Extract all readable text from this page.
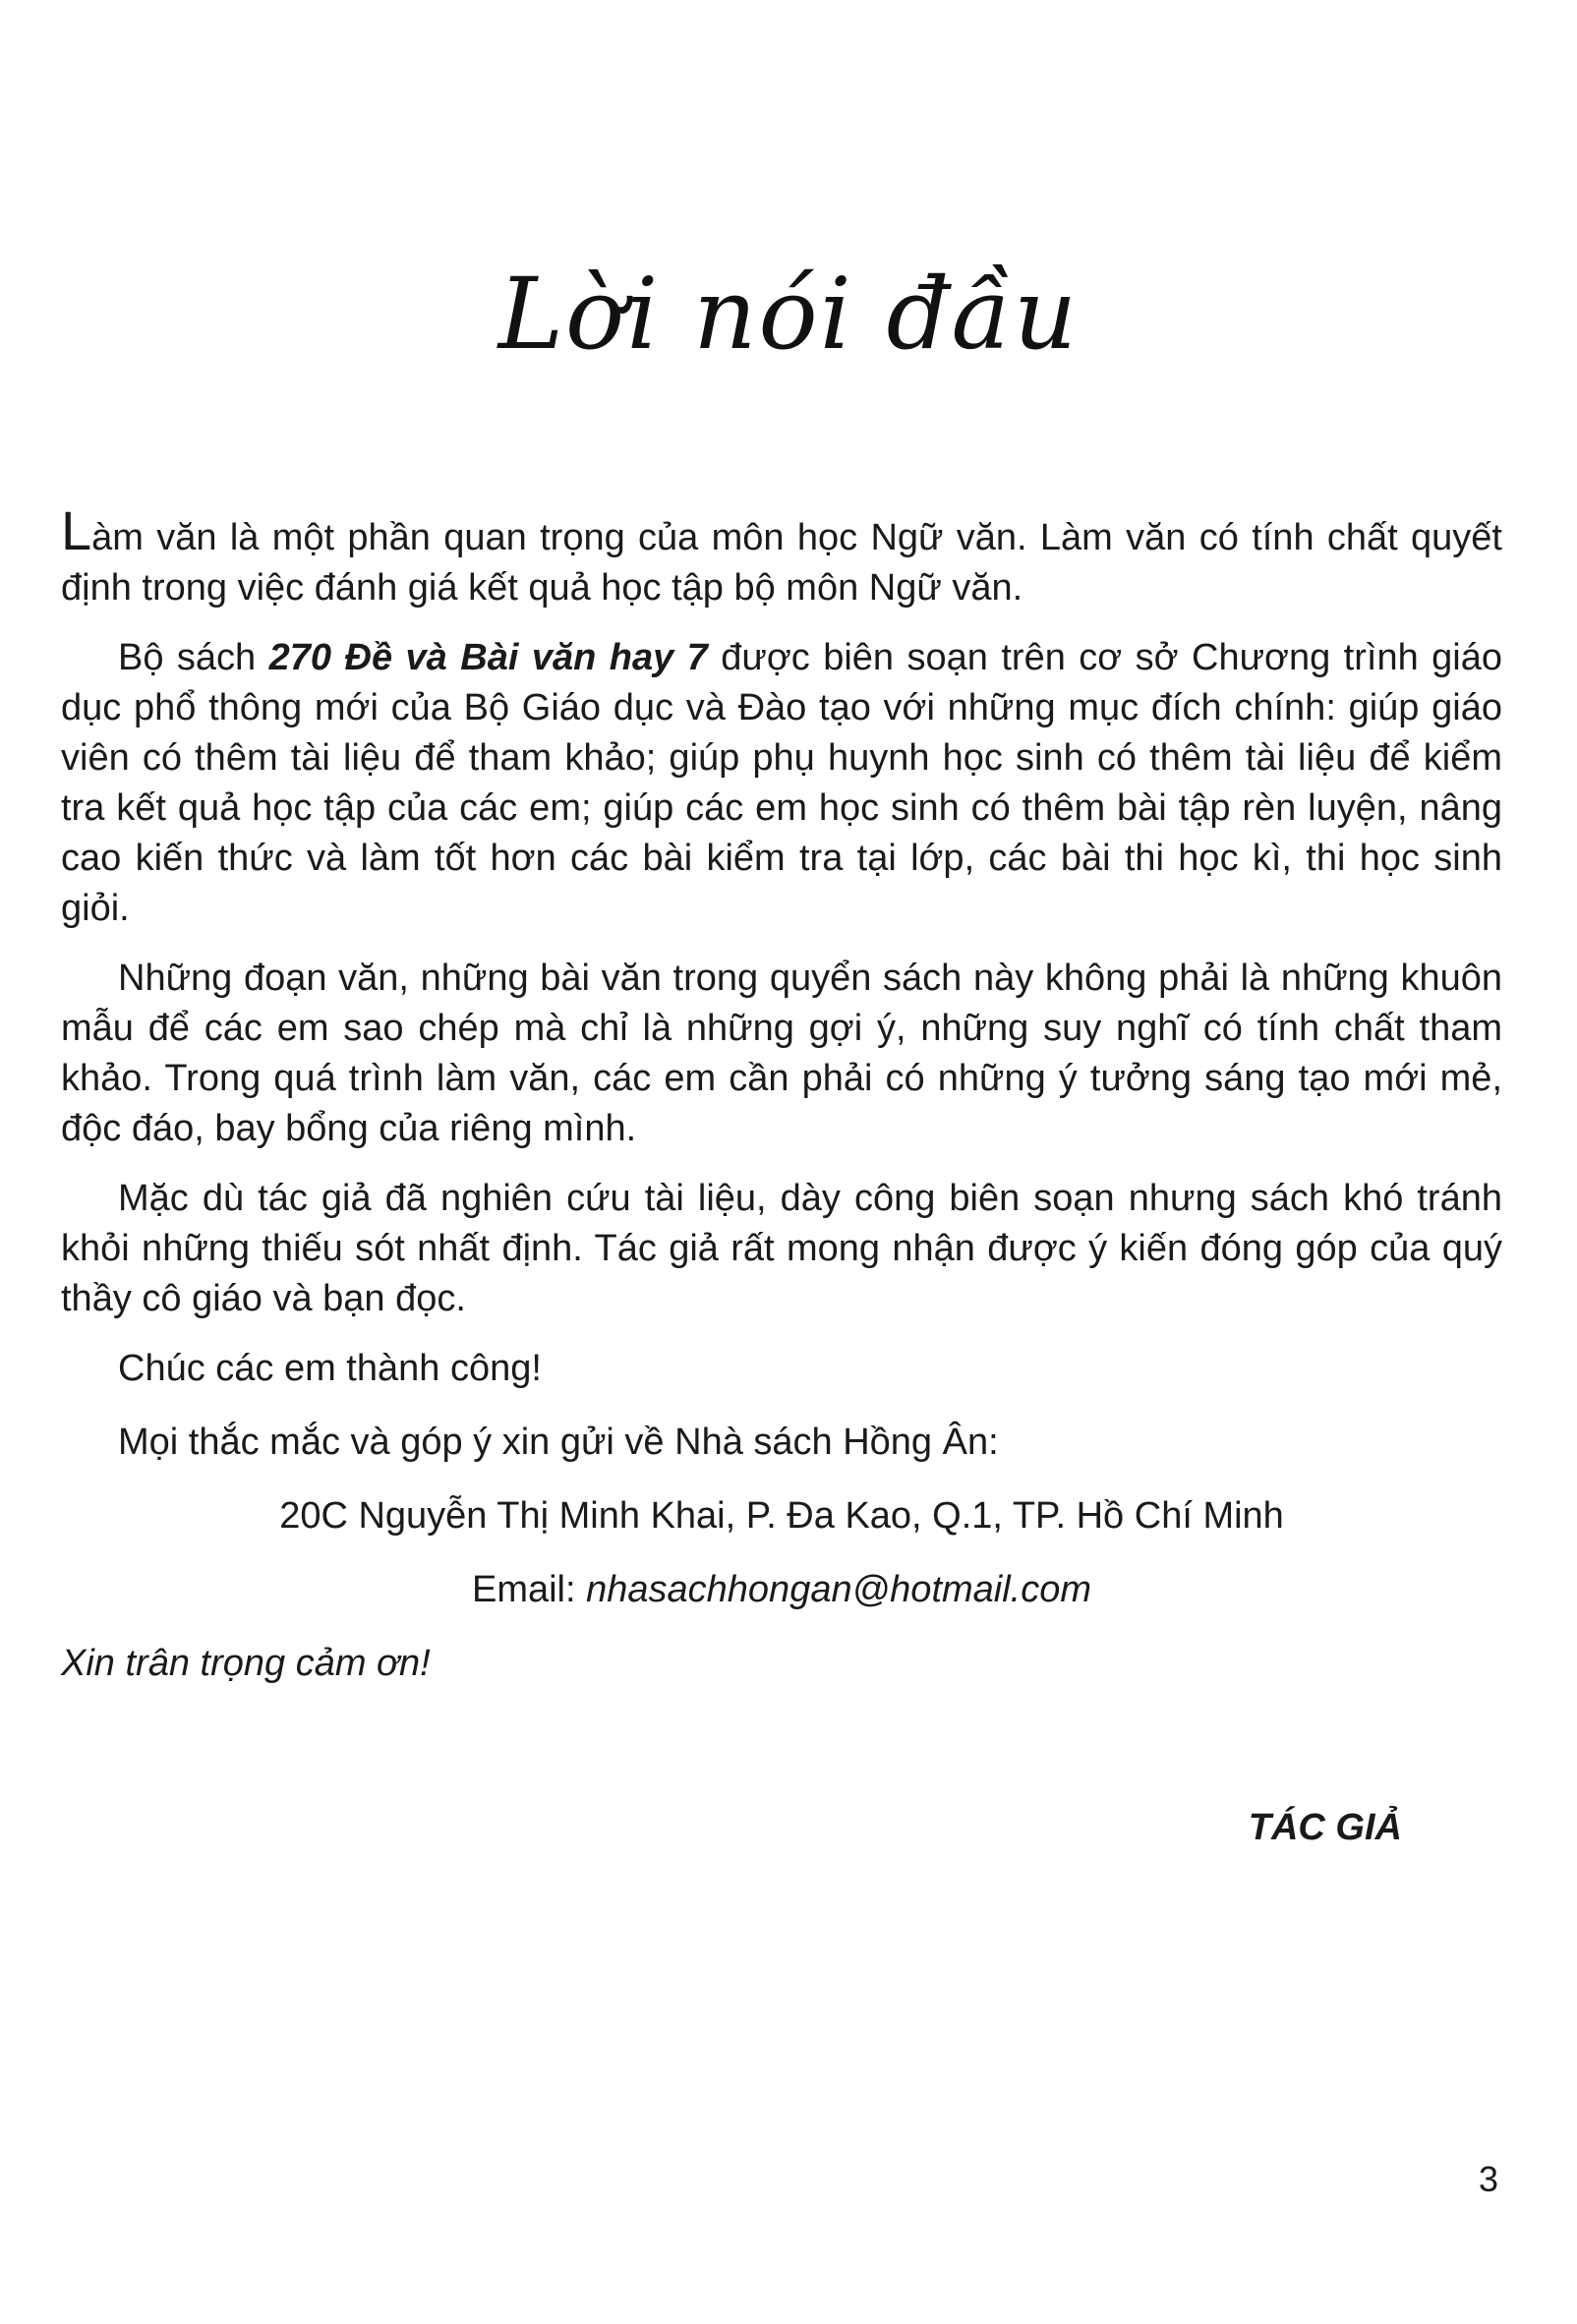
Lời nói đầu

Làm văn là một phần quan trọng của môn học Ngữ văn. Làm văn có tính chất quyết định trong việc đánh giá kết quả học tập bộ môn Ngữ văn.

Bộ sách 270 Đề và Bài văn hay 7 được biên soạn trên cơ sở Chương trình giáo dục phổ thông mới của Bộ Giáo dục và Đào tạo với những mục đích chính: giúp giáo viên có thêm tài liệu để tham khảo; giúp phụ huynh học sinh có thêm tài liệu để kiểm tra kết quả học tập của các em; giúp các em học sinh có thêm bài tập rèn luyện, nâng cao kiến thức và làm tốt hơn các bài kiểm tra tại lớp, các bài thi học kì, thi học sinh giỏi.

Những đoạn văn, những bài văn trong quyển sách này không phải là những khuôn mẫu để các em sao chép mà chỉ là những gợi ý, những suy nghĩ có tính chất tham khảo. Trong quá trình làm văn, các em cần phải có những ý tưởng sáng tạo mới mẻ, độc đáo, bay bổng của riêng mình.

Mặc dù tác giả đã nghiên cứu tài liệu, dày công biên soạn nhưng sách khó tránh khỏi những thiếu sót nhất định. Tác giả rất mong nhận được ý kiến đóng góp của quý thầy cô giáo và bạn đọc.

Chúc các em thành công!

Mọi thắc mắc và góp ý xin gửi về Nhà sách Hồng Ân:

20C Nguyễn Thị Minh Khai, P. Đa Kao, Q.1, TP. Hồ Chí Minh

Email: nhasachhongan@hotmail.com

Xin trân trọng cảm ơn!

TÁC GIẢ
3
